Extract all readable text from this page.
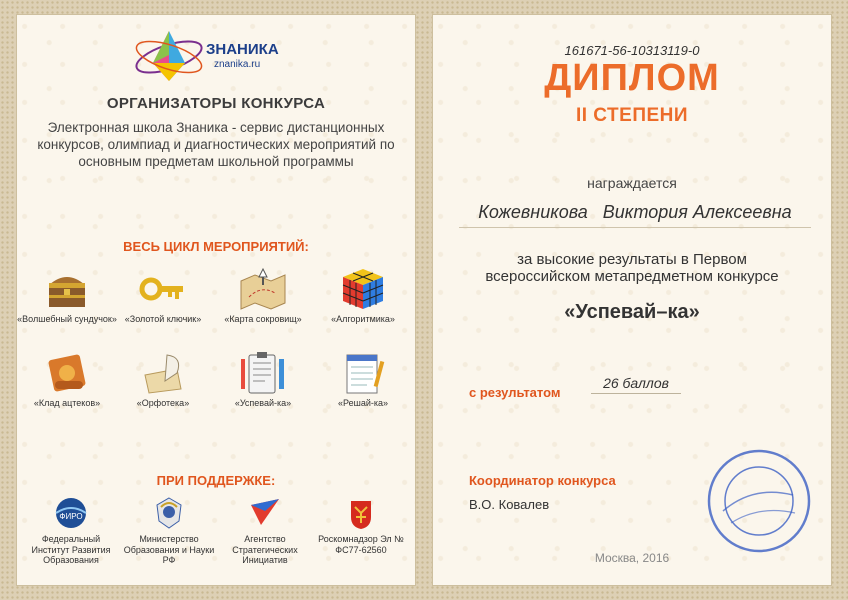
ЗНАНИКА
znanika.ru
ОРГАНИЗАТОРЫ КОНКУРСА
Электронная школа Знаника - сервис дистанционных конкурсов, олимпиад и диагностических мероприятий по основным предметам школьной программы
ВЕСЬ ЦИКЛ МЕРОПРИЯТИЙ:
«Волшебный сундучок» «Золотой ключик»	«Карта сокровищ»	«Алгоритмика»
«Клад ацтеков»	«Орфотека»	«Успевай-ка»	«Решай-ка»
ПРИ ПОДДЕРЖКЕ:
ФИРО
Федеральный Институт Развития Образования
Министерство Образования и Науки РФ
Агентство Стратегических Инициатив
Роскомнадзор Эл № ФС77-62560
161671-56-10313119-0
ДИПЛОМ
II СТЕПЕНИ
награждается
Кожевникова   Виктория Алексеевна
за высокие результаты в Первом всероссийском метапредметном конкурсе
«Успевай–ка»
с результатом
26 баллов
Координатор конкурса
В.О. Ковалев
Москва, 2016
